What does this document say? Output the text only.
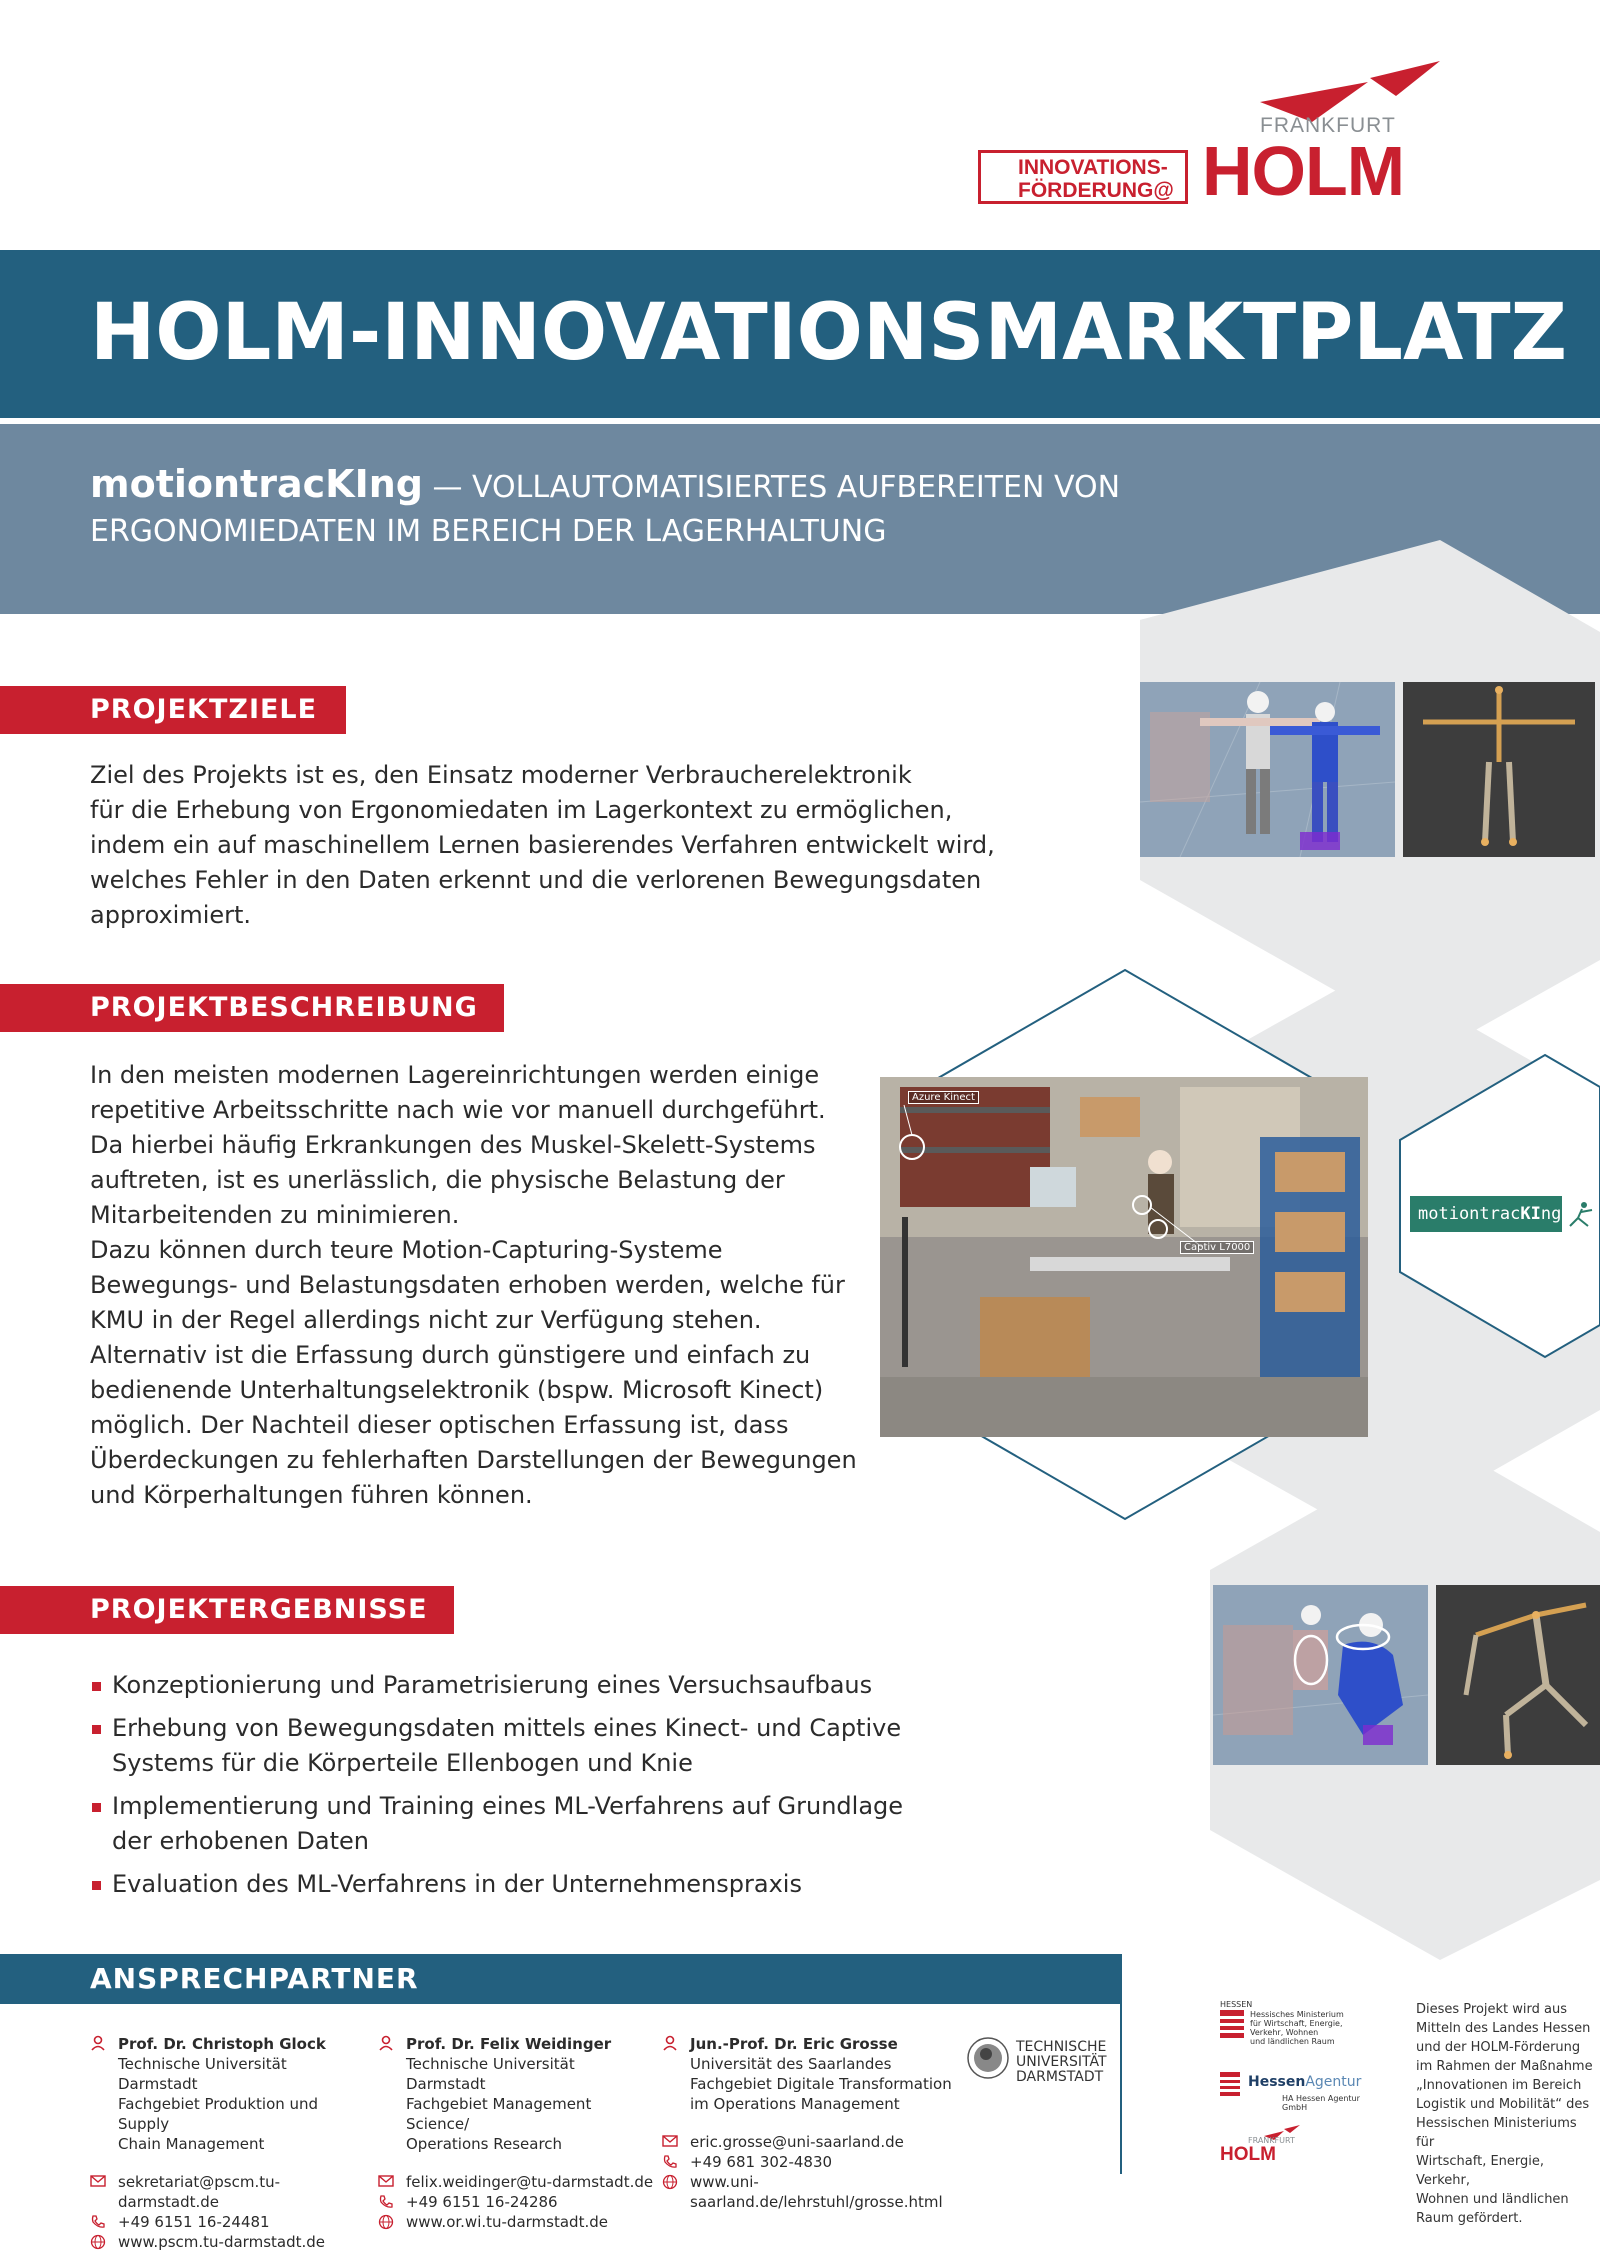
FRANKFURT
INNOVATIONS-
FÖRDERUNG@ HOLM
HOLM-INNOVATIONSMARKTPLATZ
motiontracKIng — VOLLAUTOMATISIERTES AUFBEREITEN VON ERGONOMIEDATEN IM BEREICH DER LAGERHALTUNG
PROJEKTZIELE
Ziel des Projekts ist es, den Einsatz moderner Verbraucherelektronik
für die Erhebung von Ergonomiedaten im Lagerkontext zu ermöglichen,
indem ein auf maschinellem Lernen basierendes Verfahren entwickelt wird,
welches Fehler in den Daten erkennt und die verlorenen Bewegungsdaten
approximiert.
PROJEKTBESCHREIBUNG
In den meisten modernen Lagereinrichtungen werden einige
repetitive Arbeitsschritte nach wie vor manuell durchgeführt.
Da hierbei häufig Erkrankungen des Muskel-Skelett-Systems
auftreten, ist es unerlässlich, die physische Belastung der
Mitarbeitenden zu minimieren.
Dazu können durch teure Motion-Capturing-Systeme
Bewegungs- und Belastungsdaten erhoben werden, welche für
KMU in der Regel allerdings nicht zur Verfügung stehen.
Alternativ ist die Erfassung durch günstigere und einfach zu
bedienende Unterhaltungselektronik (bspw. Microsoft Kinect)
möglich. Der Nachteil dieser optischen Erfassung ist, dass
Überdeckungen zu fehlerhaften Darstellungen der Bewegungen
und Körperhaltungen führen können.
Azure Kinect
Captiv L7000
motiontracKIng
PROJEKTERGEBNISSE
Konzeptionierung und Parametrisierung eines Versuchsaufbaus
Erhebung von Bewegungsdaten mittels eines Kinect- und Captive
Systems für die Körperteile Ellenbogen und Knie
Implementierung und Training eines ML-Verfahrens auf Grundlage
der erhobenen Daten
Evaluation des ML-Verfahrens in der Unternehmenspraxis
ANSPRECHPARTNER
Prof. Dr. Christoph Glock
Technische Universität Darmstadt
Fachgebiet Produktion und Supply
Chain Management
sekretariat@pscm.tu-darmstadt.de
+49 6151 16-24481
www.pscm.tu-darmstadt.de
Prof. Dr. Felix Weidinger
Technische Universität Darmstadt
Fachgebiet Management Science/
Operations Research
felix.weidinger@tu-darmstadt.de
+49 6151 16-24286
www.or.wi.tu-darmstadt.de
Jun.-Prof. Dr. Eric Grosse
Universität des Saarlandes
Fachgebiet Digitale Transformation
im Operations Management
eric.grosse@uni-saarland.de
+49 681 302-4830
www.uni-saarland.de/lehrstuhl/grosse.html
TECHNISCHE
UNIVERSITÄT
DARMSTADT
HESSEN
Hessisches Ministerium
für Wirtschaft, Energie,
Verkehr, Wohnen
und ländlichen Raum
HessenAgentur
HA Hessen Agentur GmbH
FRANKFURT
HOLM
Dieses Projekt wird aus
Mitteln des Landes Hessen
und der HOLM-Förderung
im Rahmen der Maßnahme
„Innovationen im Bereich
Logistik und Mobilität“ des
Hessischen Ministeriums für
Wirtschaft, Energie, Verkehr,
Wohnen und ländlichen
Raum gefördert.
